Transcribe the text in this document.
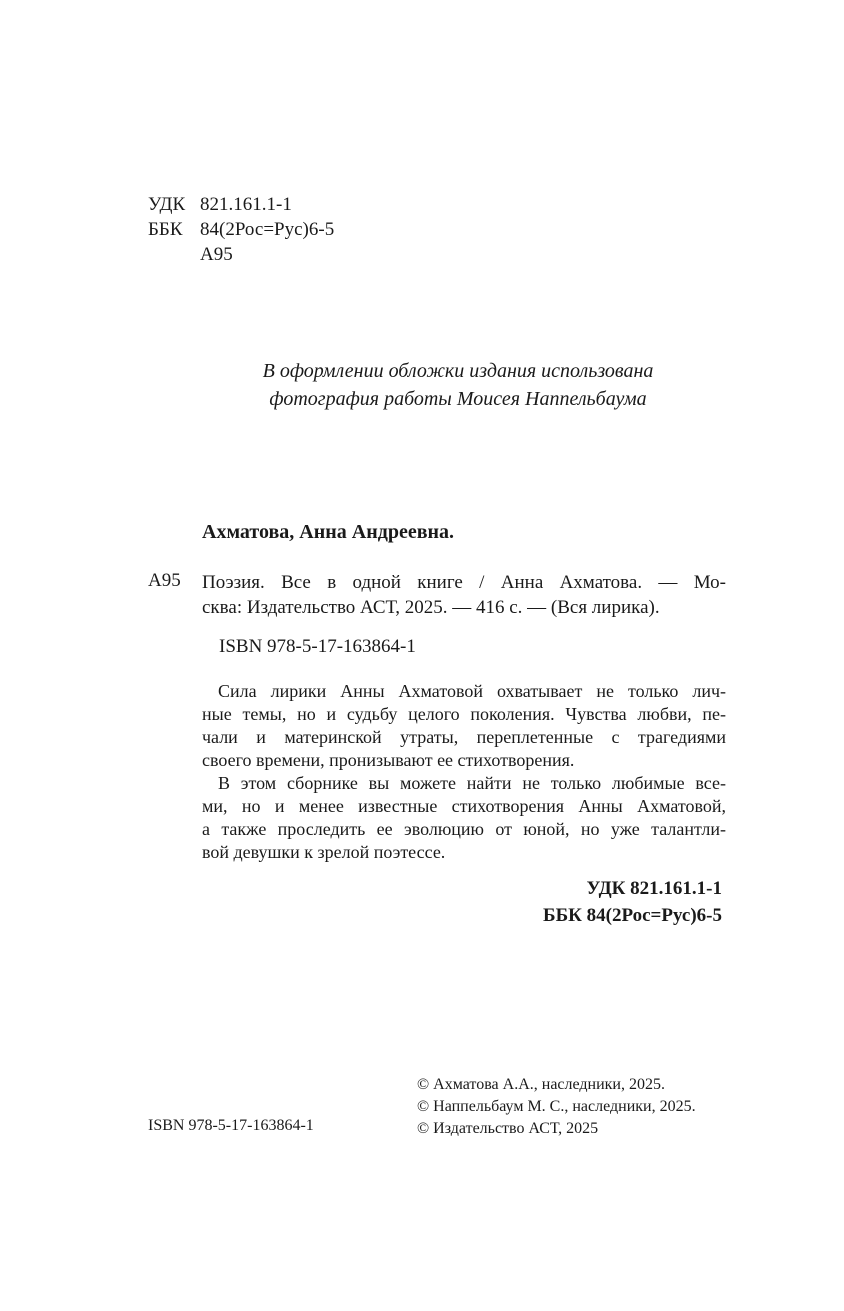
УДК 821.161.1-1
ББК 84(2Рос=Рус)6-5
А95
В оформлении обложки издания использована
фотография работы Моисея Наппельбаума
Ахматова, Анна Андреевна.
А95 Поэзия. Все в одной книге / Анна Ахматова. — Мо-
сква: Издательство АСТ, 2025. — 416 с. — (Вся лирика).
ISBN 978-5-17-163864-1
Сила лирики Анны Ахматовой охватывает не только лич-
ные темы, но и судьбу целого поколения. Чувства любви, пе-
чали и материнской утраты, переплетенные с трагедиями
своего времени, пронизывают ее стихотворения.
В этом сборнике вы можете найти не только любимые все-
ми, но и менее известные стихотворения Анны Ахматовой,
а также проследить ее эволюцию от юной, но уже талантли-
вой девушки к зрелой поэтессе.
УДК 821.161.1-1
ББК 84(2Рос=Рус)6-5
© Ахматова А.А., наследники, 2025.
© Наппельбаум М. С., наследники, 2025.
© Издательство АСТ, 2025
ISBN 978-5-17-163864-1
